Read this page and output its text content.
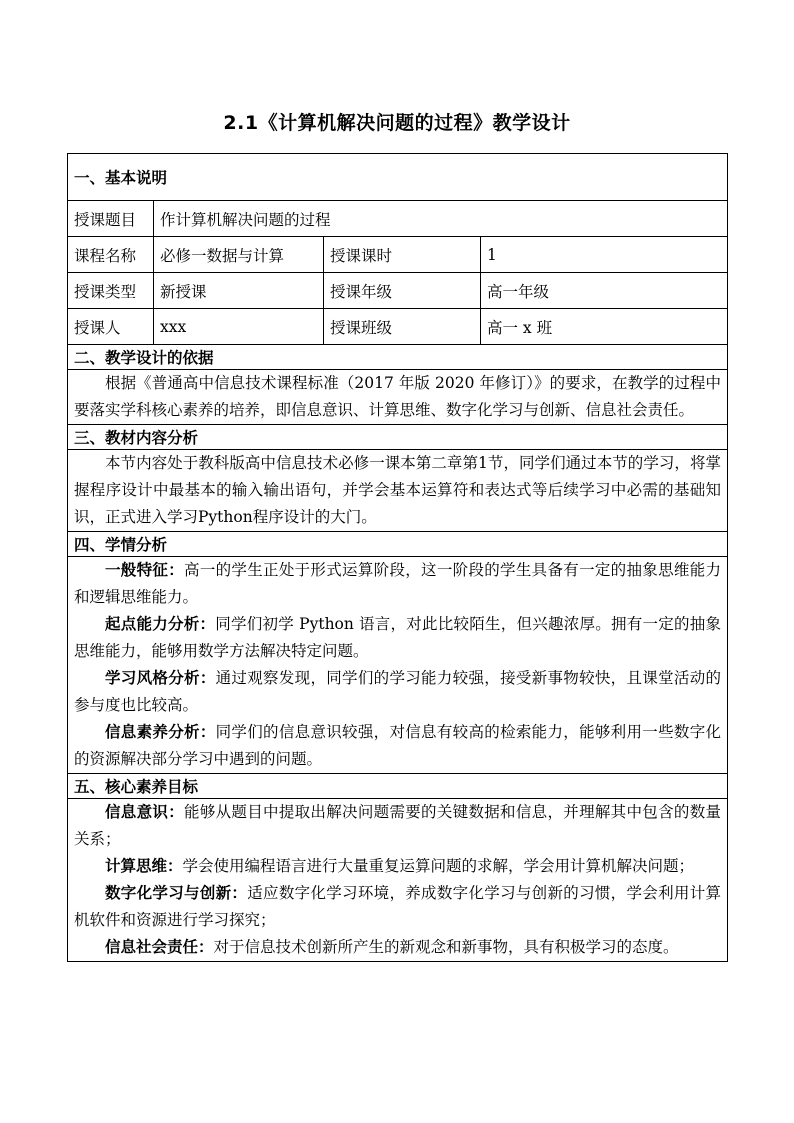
2.1《计算机解决问题的过程》教学设计
一、基本说明			
授课题目	作计算机解决问题的过程		
课程名称	必修一数据与计算	授课课时	1
授课类型	新授课	授课年级	高一年级
授课人	xxx	授课班级	高一 x 班
二、教学设计的依据			

根据《普通高中信息技术课程标准（2017 年版 2020 年修订）》的要求，在教学的过程中要落实学科核心素养的培养，即信息意识、计算思维、数字化学习与创新、信息社会责任。			

三、教材内容分析			

本节内容处于教科版高中信息技术必修一课本第二章第1节，同学们通过本节的学习，将掌握程序设计中最基本的输入输出语句，并学会基本运算符和表达式等后续学习中必需的基础知识，正式进入学习Python程序设计的大门。			

四、学情分析			

一般特征：高一的学生正处于形式运算阶段，这一阶段的学生具备有一定的抽象思维能力和逻辑思维能力。

起点能力分析：同学们初学 Python 语言，对此比较陌生，但兴趣浓厚。拥有一定的抽象思维能力，能够用数学方法解决特定问题。

学习风格分析：通过观察发现，同学们的学习能力较强，接受新事物较快，且课堂活动的参与度也比较高。

信息素养分析：同学们的信息意识较强，对信息有较高的检索能力，能够利用一些数字化的资源解决部分学习中遇到的问题。			

五、核心素养目标			

信息意识：能够从题目中提取出解决问题需要的关键数据和信息，并理解其中包含的数量关系；

计算思维：学会使用编程语言进行大量重复运算问题的求解，学会用计算机解决问题；

数字化学习与创新：适应数字化学习环境，养成数字化学习与创新的习惯，学会利用计算机软件和资源进行学习探究；

信息社会责任：对于信息技术创新所产生的新观念和新事物，具有积极学习的态度。			
